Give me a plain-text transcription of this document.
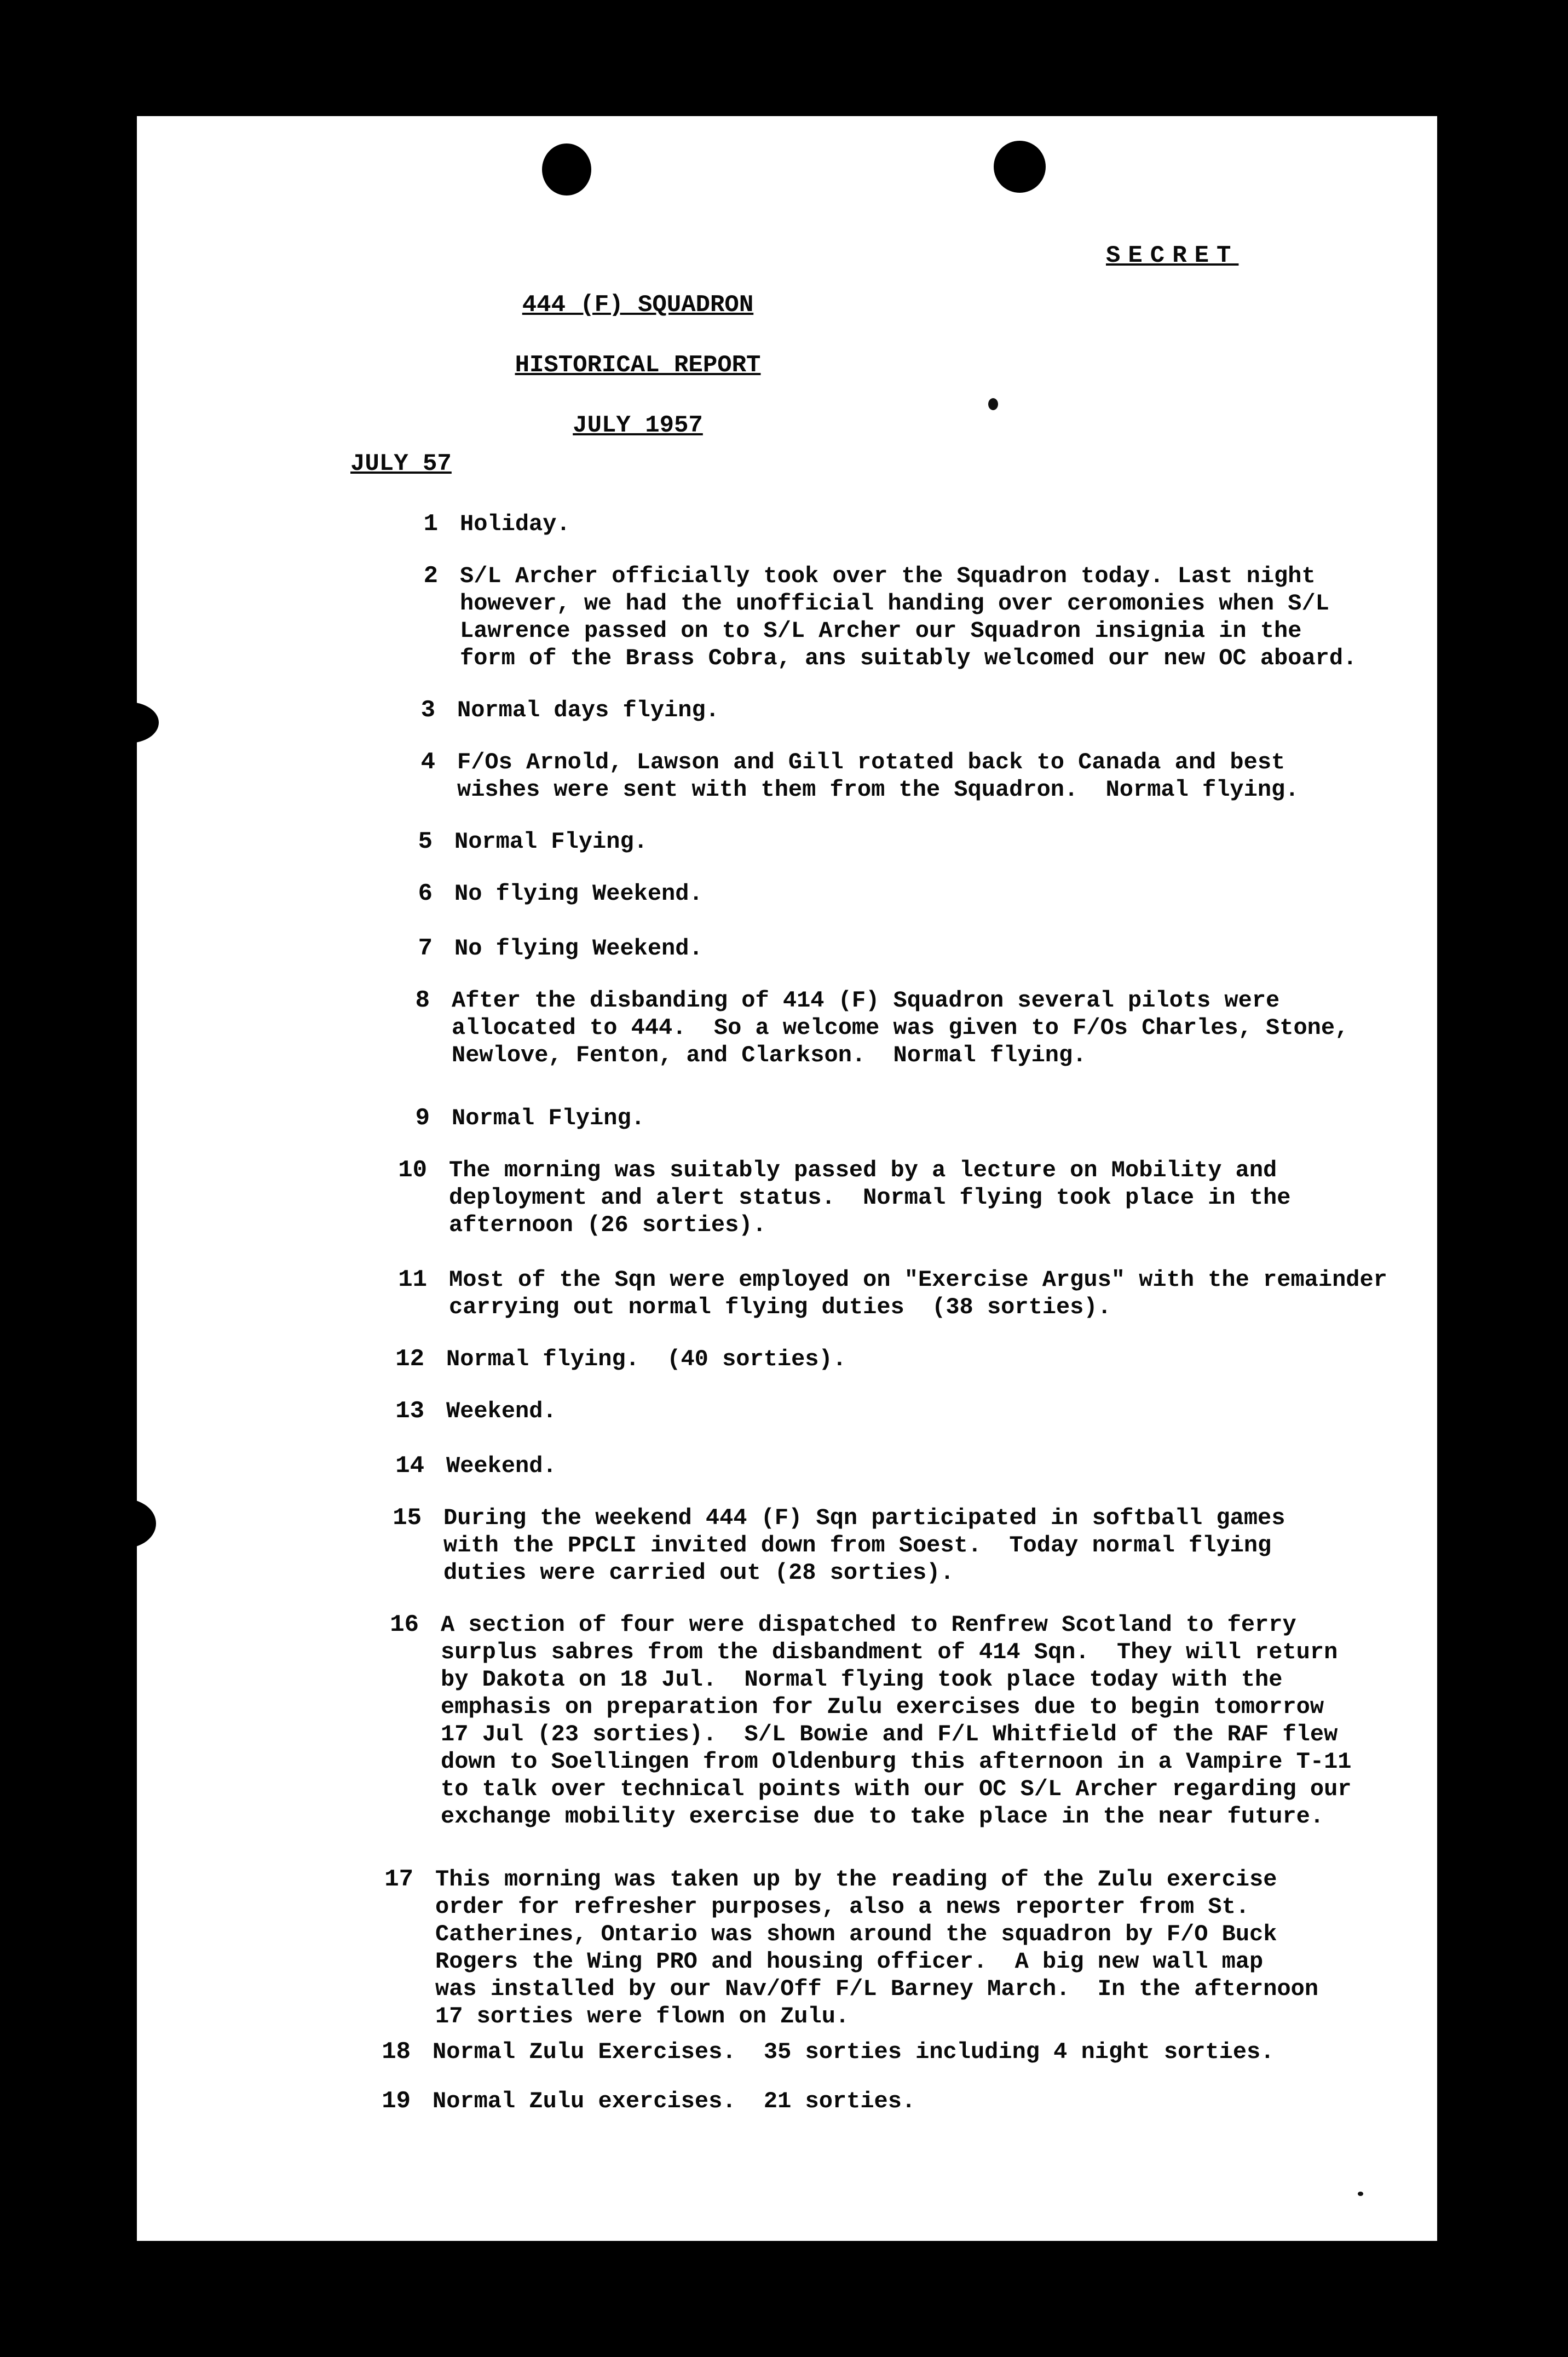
SECRET
444 (F) SQUADRON
HISTORICAL REPORT
JULY 1957
JULY 57
1 Holiday.
2 S/L Archer officially took over the Squadron today. Last night
however, we had the unofficial handing over ceromonies when S/L
Lawrence passed on to S/L Archer our Squadron insignia in the
form of the Brass Cobra, ans suitably welcomed our new OC aboard.
3 Normal days flying.
4 F/Os Arnold, Lawson and Gill rotated back to Canada and best
wishes were sent with them from the Squadron.  Normal flying.
5 Normal Flying.
6 No flying Weekend.
7 No flying Weekend.
8 After the disbanding of 414 (F) Squadron several pilots were
allocated to 444.  So a welcome was given to F/Os Charles, Stone,
Newlove, Fenton, and Clarkson.  Normal flying.
9 Normal Flying.
10 The morning was suitably passed by a lecture on Mobility and
deployment and alert status.  Normal flying took place in the
afternoon (26 sorties).
11 Most of the Sqn were employed on "Exercise Argus" with the remainder
carrying out normal flying duties  (38 sorties).
12 Normal flying.  (40 sorties).
13 Weekend.
14 Weekend.
15 During the weekend 444 (F) Sqn participated in softball games
with the PPCLI invited down from Soest.  Today normal flying
duties were carried out (28 sorties).
16 A section of four were dispatched to Renfrew Scotland to ferry
surplus sabres from the disbandment of 414 Sqn.  They will return
by Dakota on 18 Jul.  Normal flying took place today with the
emphasis on preparation for Zulu exercises due to begin tomorrow
17 Jul (23 sorties).  S/L Bowie and F/L Whitfield of the RAF flew
down to Soellingen from Oldenburg this afternoon in a Vampire T-11
to talk over technical points with our OC S/L Archer regarding our
exchange mobility exercise due to take place in the near future.
17 This morning was taken up by the reading of the Zulu exercise
order for refresher purposes, also a news reporter from St.
Catherines, Ontario was shown around the squadron by F/O Buck
Rogers the Wing PRO and housing officer.  A big new wall map
was installed by our Nav/Off F/L Barney March.  In the afternoon
17 sorties were flown on Zulu.
18 Normal Zulu Exercises.  35 sorties including 4 night sorties.
19 Normal Zulu exercises.  21 sorties.
